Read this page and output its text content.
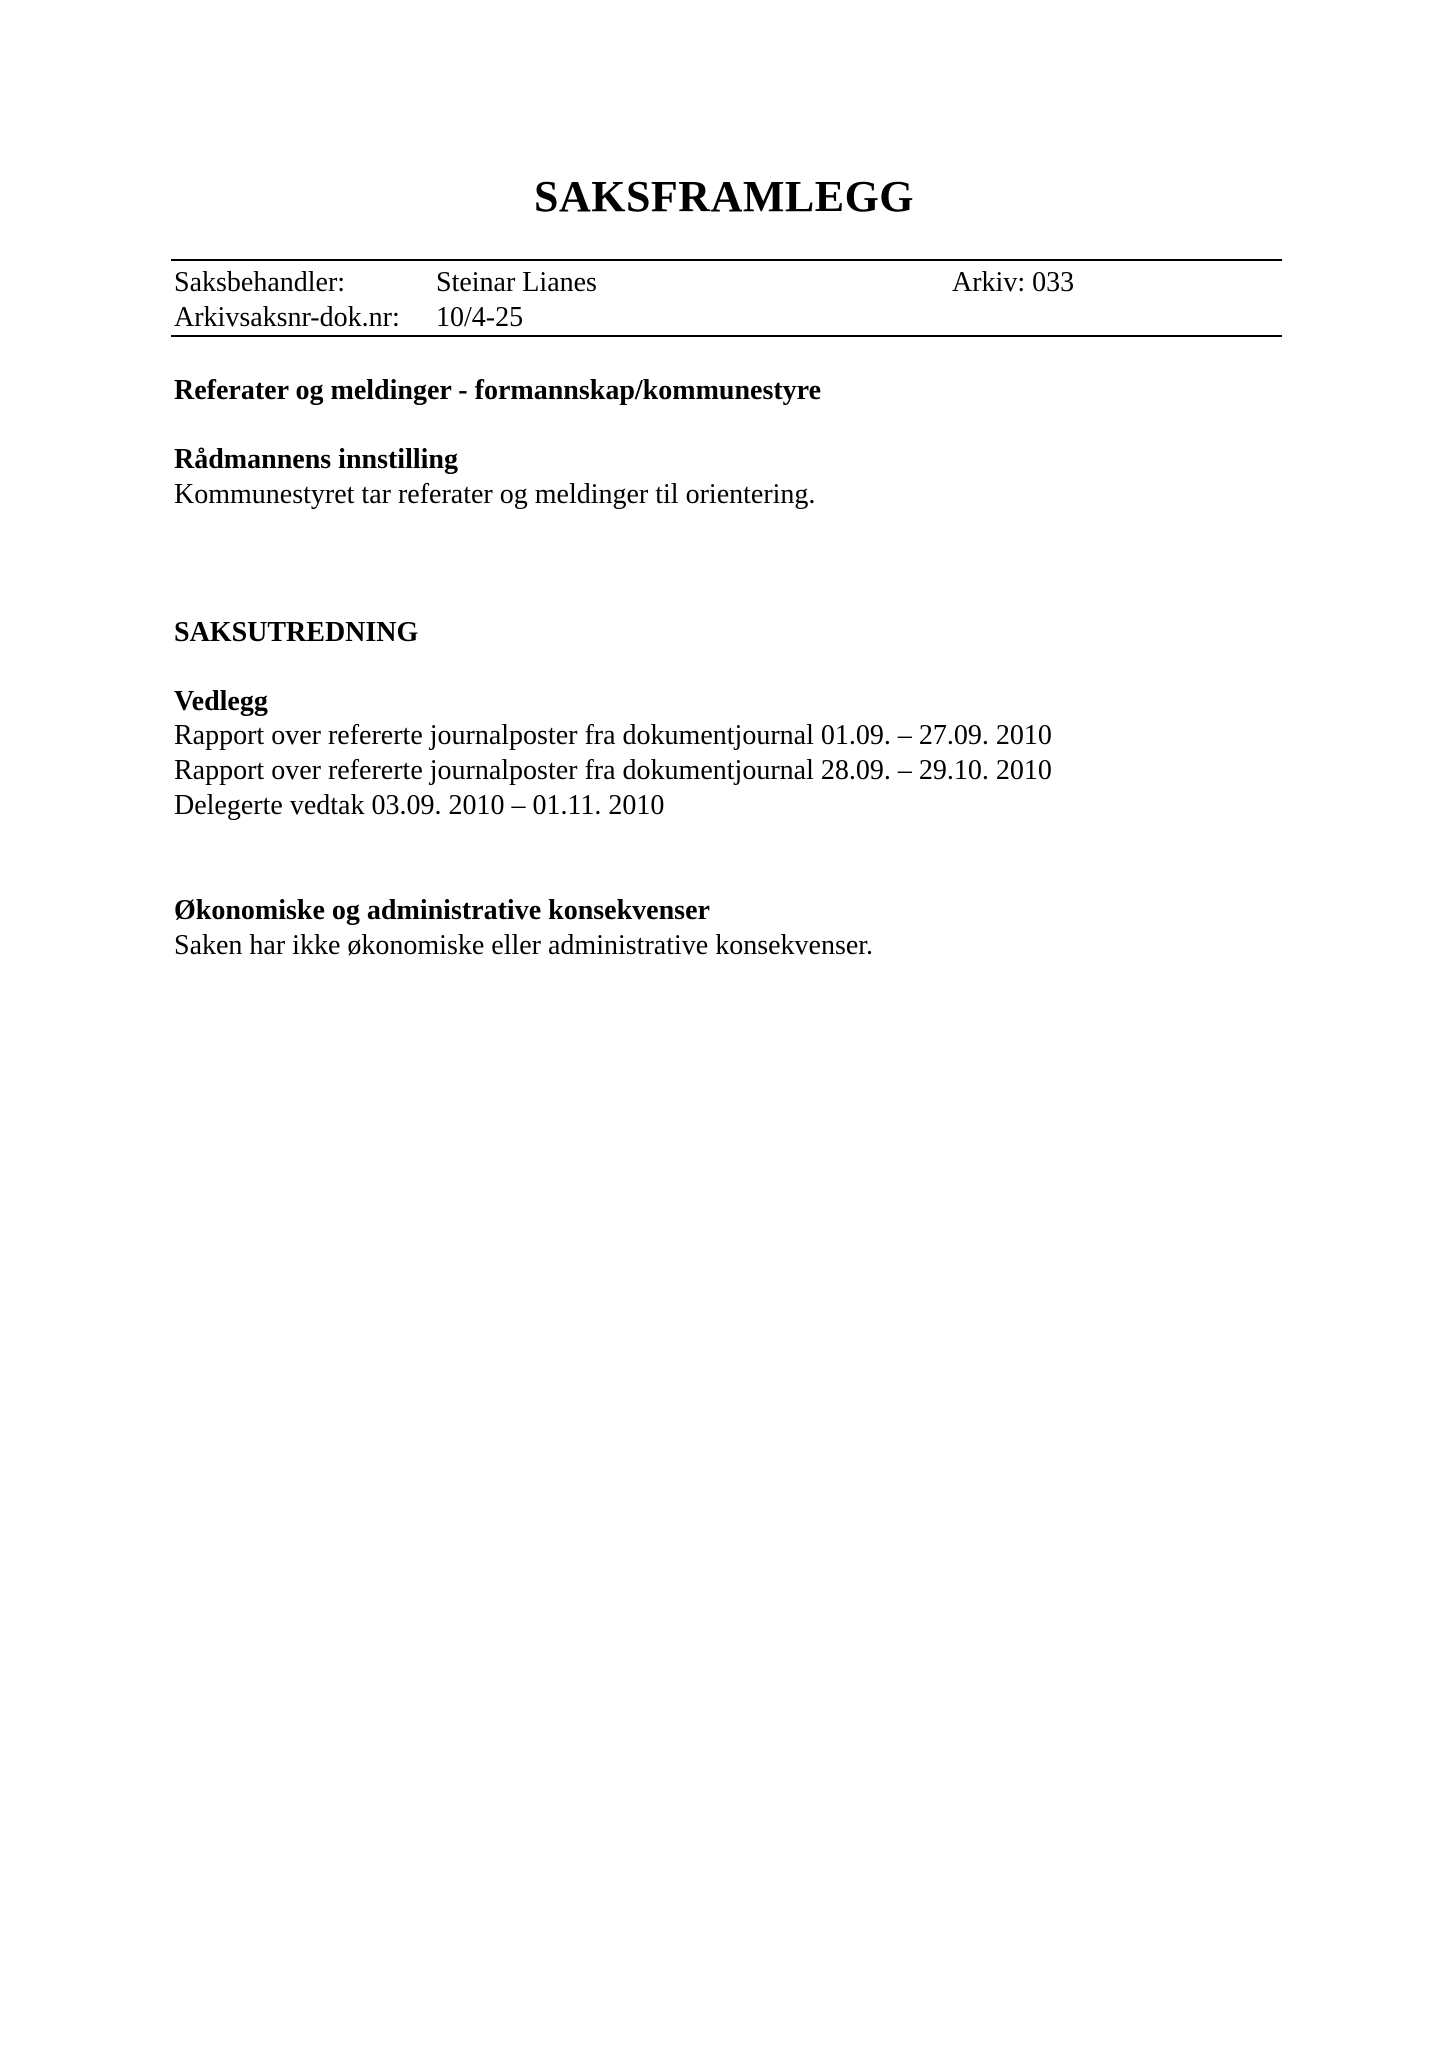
SAKSFRAMLEGG
Saksbehandler:	Steinar Lianes	Arkiv: 033
Arkivsaksnr-dok.nr: 10/4-25
Referater og meldinger - formannskap/kommunestyre
Rådmannens innstilling
Kommunestyret tar referater og meldinger til orientering.
SAKSUTREDNING
Vedlegg
Rapport over refererte journalposter fra dokumentjournal 01.09. – 27.09. 2010
Rapport over refererte journalposter fra dokumentjournal 28.09. – 29.10. 2010
Delegerte vedtak 03.09. 2010 – 01.11. 2010
Økonomiske og administrative konsekvenser
Saken har ikke økonomiske eller administrative konsekvenser.
